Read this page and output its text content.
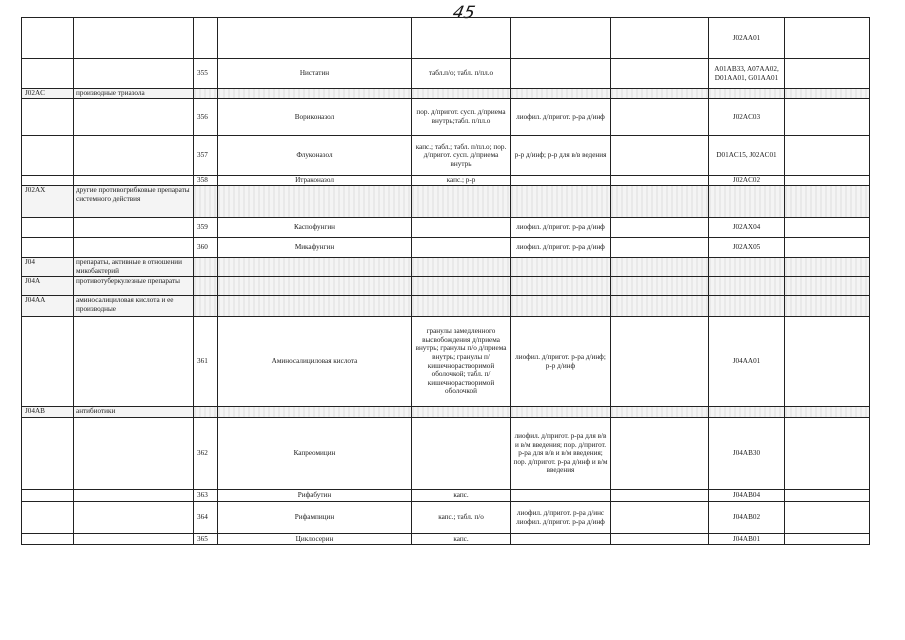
45
							J02AA01	
		355	Нистатин	табл.п/о; табл. п/пл.о			A01AB33, A07AA02, D01AA01, G01AA01	
J02AC	производные триазола							
		356	Вориконазол	пор. д/пригот. сусп. д/приема внутрь;табл. п/пл.о	лиофил. д/пригот. р-ра д/инф		J02AC03	
		357	Флуконазол	капс.; табл.; табл. п/пл.о; пор. д/пригот. сусп. д/приема внутрь	р-р д/инф; р-р для в/в ведения		D01AC15, J02AC01	
		358	Итраконазол	капс.; р-р			J02AC02	
J02AX	другие противогрибковые препараты системного действия							
		359	Каспофунгин		лиофил. д/пригот. р-ра д/инф		J02AX04	
		360	Микафунгин		лиофил. д/пригот. р-ра д/инф		J02AX05	
J04	препараты, активные в отношении микобактерий							
J04A	противотуберкулезные препараты							
J04AA	аминосалициловая кислота и ее производные							
		361	Аминосалициловая кислота	гранулы замедленного высвобождения д/приема внутрь; гранулы п/о д/приема внутрь; гранулы п/кишечнорастворимой оболочкой; табл. п/кишечнорастворимой оболочкой	лиофил. д/пригот. р-ра д/инф; р-р д/инф		J04AA01	
J04AB	антибиотики							
		362	Капреомицин		лиофил. д/пригот. р-ра для в/в и в/м введения; пор. д/пригот. р-ра для в/в и в/м введения; пор. д/пригот. р-ра д/инф и в/м введения		J04AB30	
		363	Рифабутин	капс.			J04AB04	
		364	Рифампицин	капс.; табл. п/о	лиофил. д/пригот. р-ра д/инс лиофил. д/пригот. р-ра д/инф		J04AB02	
		365	Циклосерин	капс.			J04AB01	
